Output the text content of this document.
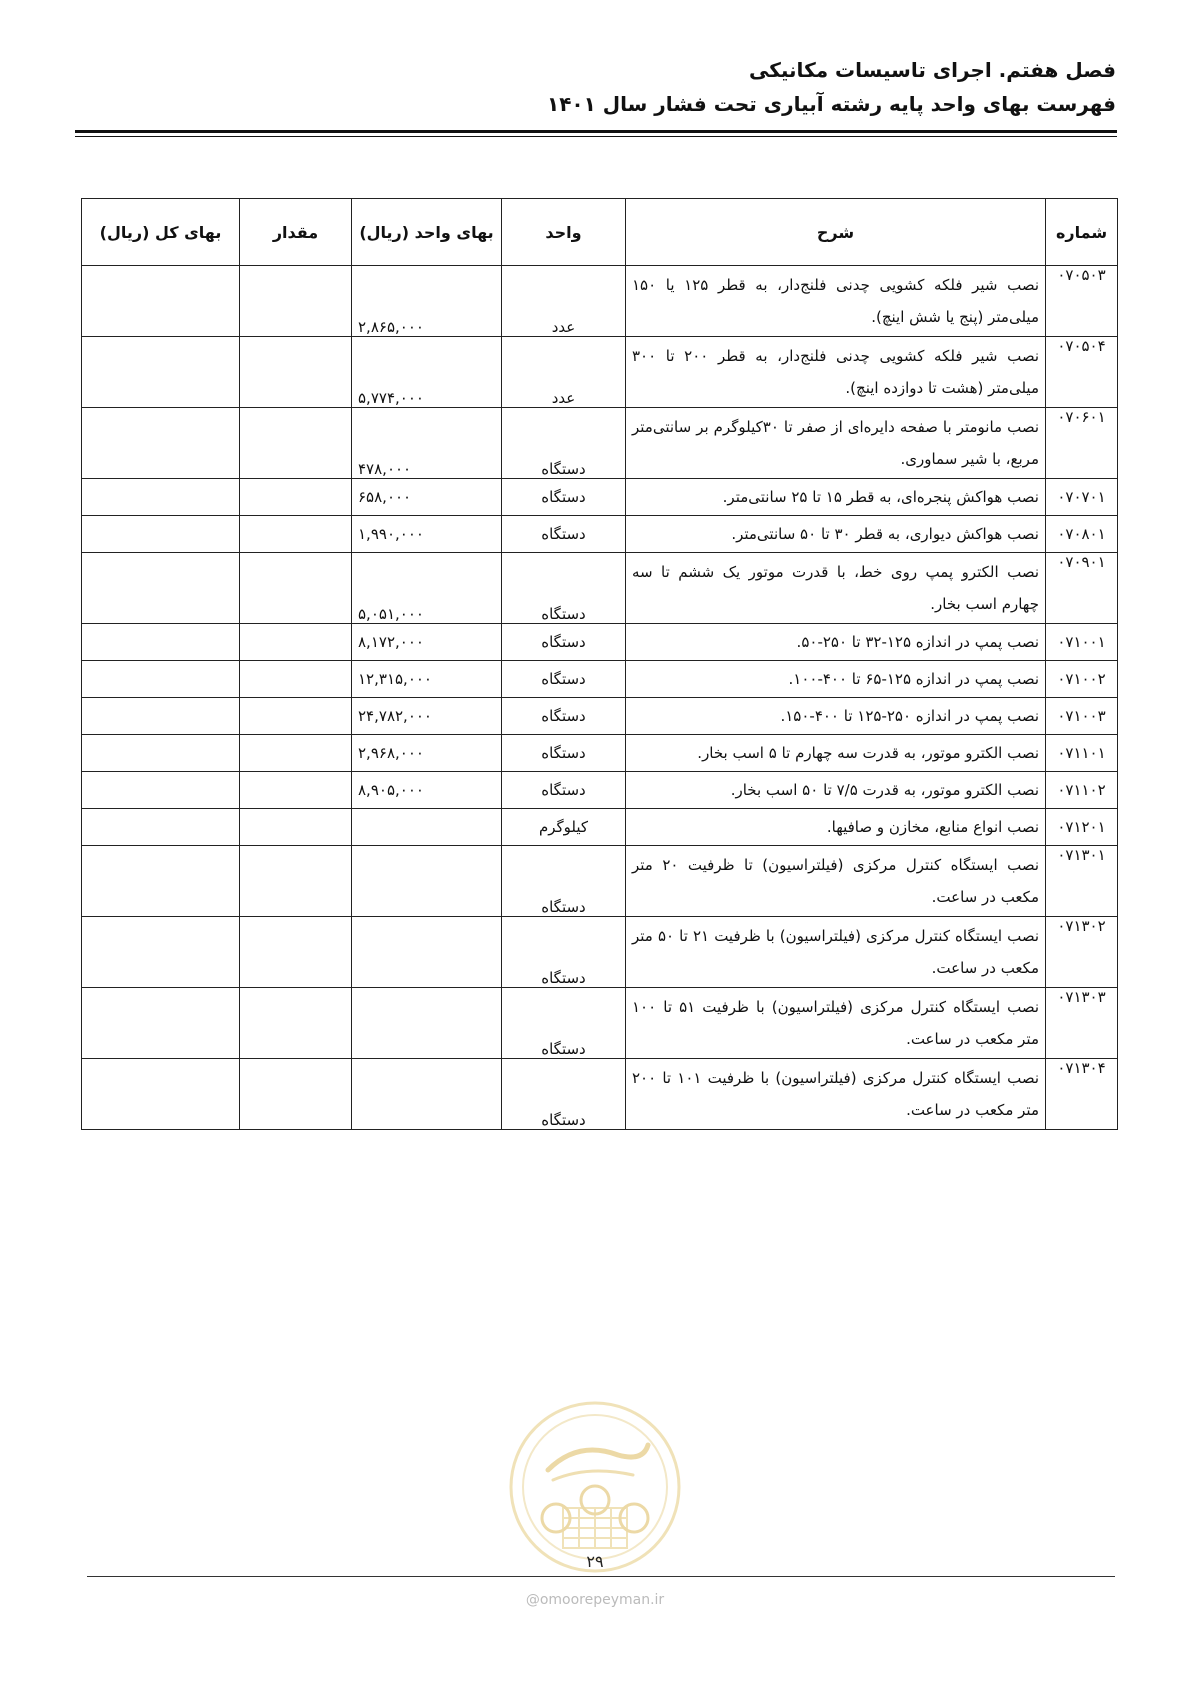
فصل هفتم. اجرای تاسیسات مکانیکی
فهرست بهای واحد پایه رشته آبیاری تحت فشار سال ۱۴۰۱
شماره	شرح	واحد	بهای واحد (ریال)	مقدار	بهای کل (ریال)
۰۷۰۵۰۳	نصب شیر فلکه کشویی چدنی فلنج‌دار، به قطر ۱۲۵ یا ۱۵۰ میلی‌متر (پنج یا شش اینچ).	عدد	۲,۸۶۵,۰۰۰		
۰۷۰۵۰۴	نصب شیر فلکه کشویی چدنی فلنج‌دار، به قطر ۲۰۰ تا ۳۰۰ میلی‌متر (هشت تا دوازده اینچ).	عدد	۵,۷۷۴,۰۰۰		
۰۷۰۶۰۱	نصب مانومتر با صفحه دایره‌ای از صفر تا ۳۰کیلوگرم بر سانتی‌متر مربع، با شیر سماوری.	دستگاه	۴۷۸,۰۰۰		
۰۷۰۷۰۱	نصب هواکش پنجره‌ای، به قطر ۱۵ تا ۲۵ سانتی‌متر.	دستگاه	۶۵۸,۰۰۰		
۰۷۰۸۰۱	نصب هواکش دیواری، به قطر ۳۰ تا ۵۰ سانتی‌متر.	دستگاه	۱,۹۹۰,۰۰۰		
۰۷۰۹۰۱	نصب الکترو پمپ روی خط، با قدرت موتور یک ششم تا سه چهارم اسب بخار.	دستگاه	۵,۰۵۱,۰۰۰		
۰۷۱۰۰۱	نصب پمپ در اندازه ۱۲۵-۳۲ تا ۲۵۰-۵۰.	دستگاه	۸,۱۷۲,۰۰۰		
۰۷۱۰۰۲	نصب پمپ در اندازه ۱۲۵-۶۵ تا ۴۰۰-۱۰۰.	دستگاه	۱۲,۳۱۵,۰۰۰		
۰۷۱۰۰۳	نصب پمپ در اندازه ۲۵۰-۱۲۵ تا ۴۰۰-۱۵۰.	دستگاه	۲۴,۷۸۲,۰۰۰		
۰۷۱۱۰۱	نصب الکترو موتور، به قدرت سه چهارم تا ۵ اسب بخار.	دستگاه	۲,۹۶۸,۰۰۰		
۰۷۱۱۰۲	نصب الکترو موتور، به قدرت ۷/۵ تا ۵۰ اسب بخار.	دستگاه	۸,۹۰۵,۰۰۰		
۰۷۱۲۰۱	نصب انواع منابع، مخازن و صافیها.	کیلوگرم			
۰۷۱۳۰۱	نصب ایستگاه کنترل مرکزی (فیلتراسیون) تا ظرفیت ۲۰ متر مکعب در ساعت.	دستگاه			
۰۷۱۳۰۲	نصب ایستگاه کنترل مرکزی (فیلتراسیون) با ظرفیت ۲۱ تا ۵۰ متر مکعب در ساعت.	دستگاه			
۰۷۱۳۰۳	نصب ایستگاه کنترل مرکزی (فیلتراسیون) با ظرفیت ۵۱ تا ۱۰۰ متر مکعب در ساعت.	دستگاه			
۰۷۱۳۰۴	نصب ایستگاه کنترل مرکزی (فیلتراسیون) با ظرفیت ۱۰۱ تا ۲۰۰ متر مکعب در ساعت.	دستگاه			
۲۹
@omoorepeyman.ir
